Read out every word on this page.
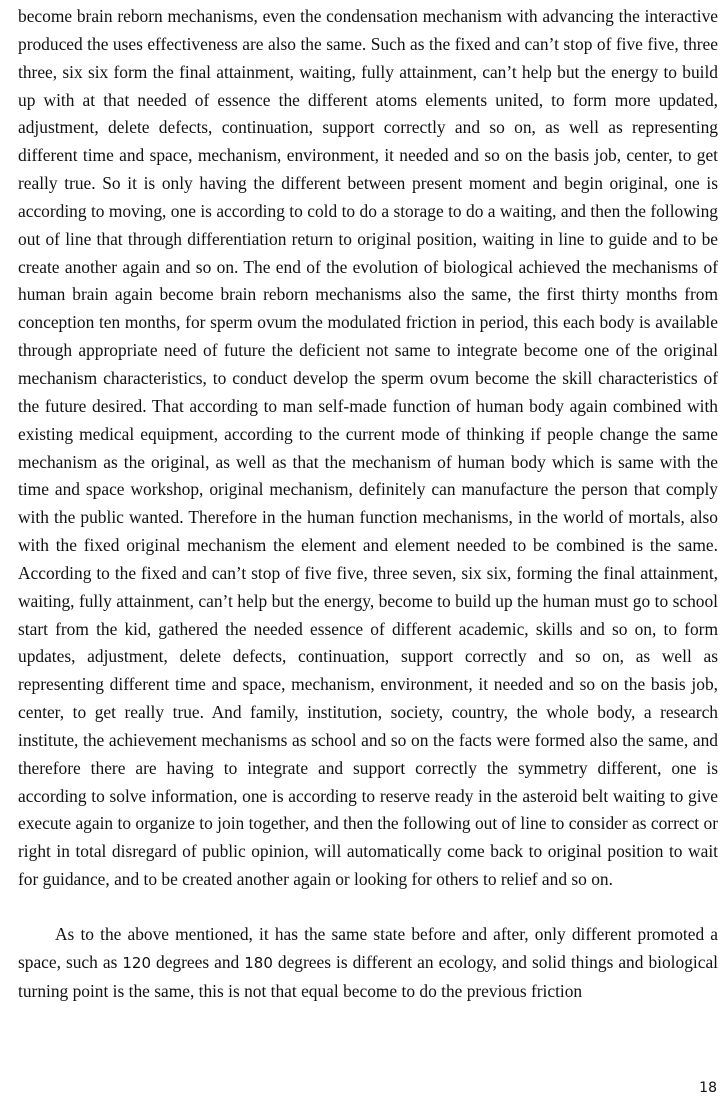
become brain reborn mechanisms, even the condensation mechanism with advancing the interactive produced the uses effectiveness are also the same. Such as the fixed and can’t stop of five five, three three, six six form the final attainment, waiting, fully attainment, can’t help but the energy to build up with at that needed of essence the different atoms elements united, to form more updated, adjustment, delete defects, continuation, support correctly and so on, as well as representing different time and space, mechanism, environment, it needed and so on the basis job, center, to get really true. So it is only having the different between present moment and begin original, one is according to moving, one is according to cold to do a storage to do a waiting, and then the following out of line that through differentiation return to original position, waiting in line to guide and to be create another again and so on. The end of the evolution of biological achieved the mechanisms of human brain again become brain reborn mechanisms also the same, the first thirty months from conception ten months, for sperm ovum the modulated friction in period, this each body is available through appropriate need of future the deficient not same to integrate become one of the original mechanism characteristics, to conduct develop the sperm ovum become the skill characteristics of the future desired. That according to man self-made function of human body again combined with existing medical equipment, according to the current mode of thinking if people change the same mechanism as the original, as well as that the mechanism of human body which is same with the time and space workshop, original mechanism, definitely can manufacture the person that comply with the public wanted. Therefore in the human function mechanisms, in the world of mortals, also with the fixed original mechanism the element and element needed to be combined is the same. According to the fixed and can’t stop of five five, three seven, six six, forming the final attainment, waiting, fully attainment, can’t help but the energy, become to build up the human must go to school start from the kid, gathered the needed essence of different academic, skills and so on, to form updates, adjustment, delete defects, continuation, support correctly and so on, as well as representing different time and space, mechanism, environment, it needed and so on the basis job, center, to get really true. And family, institution, society, country, the whole body, a research institute, the achievement mechanisms as school and so on the facts were formed also the same, and therefore there are having to integrate and support correctly the symmetry different, one is according to solve information, one is according to reserve ready in the asteroid belt waiting to give execute again to organize to join together, and then the following out of line to consider as correct or right in total disregard of public opinion, will automatically come back to original position to wait for guidance, and to be created another again or looking for others to relief and so on.

As to the above mentioned, it has the same state before and after, only different promoted a space, such as 120 degrees and 180 degrees is different an ecology, and solid things and biological turning point is the same, this is not that equal become to do the previous friction

18
